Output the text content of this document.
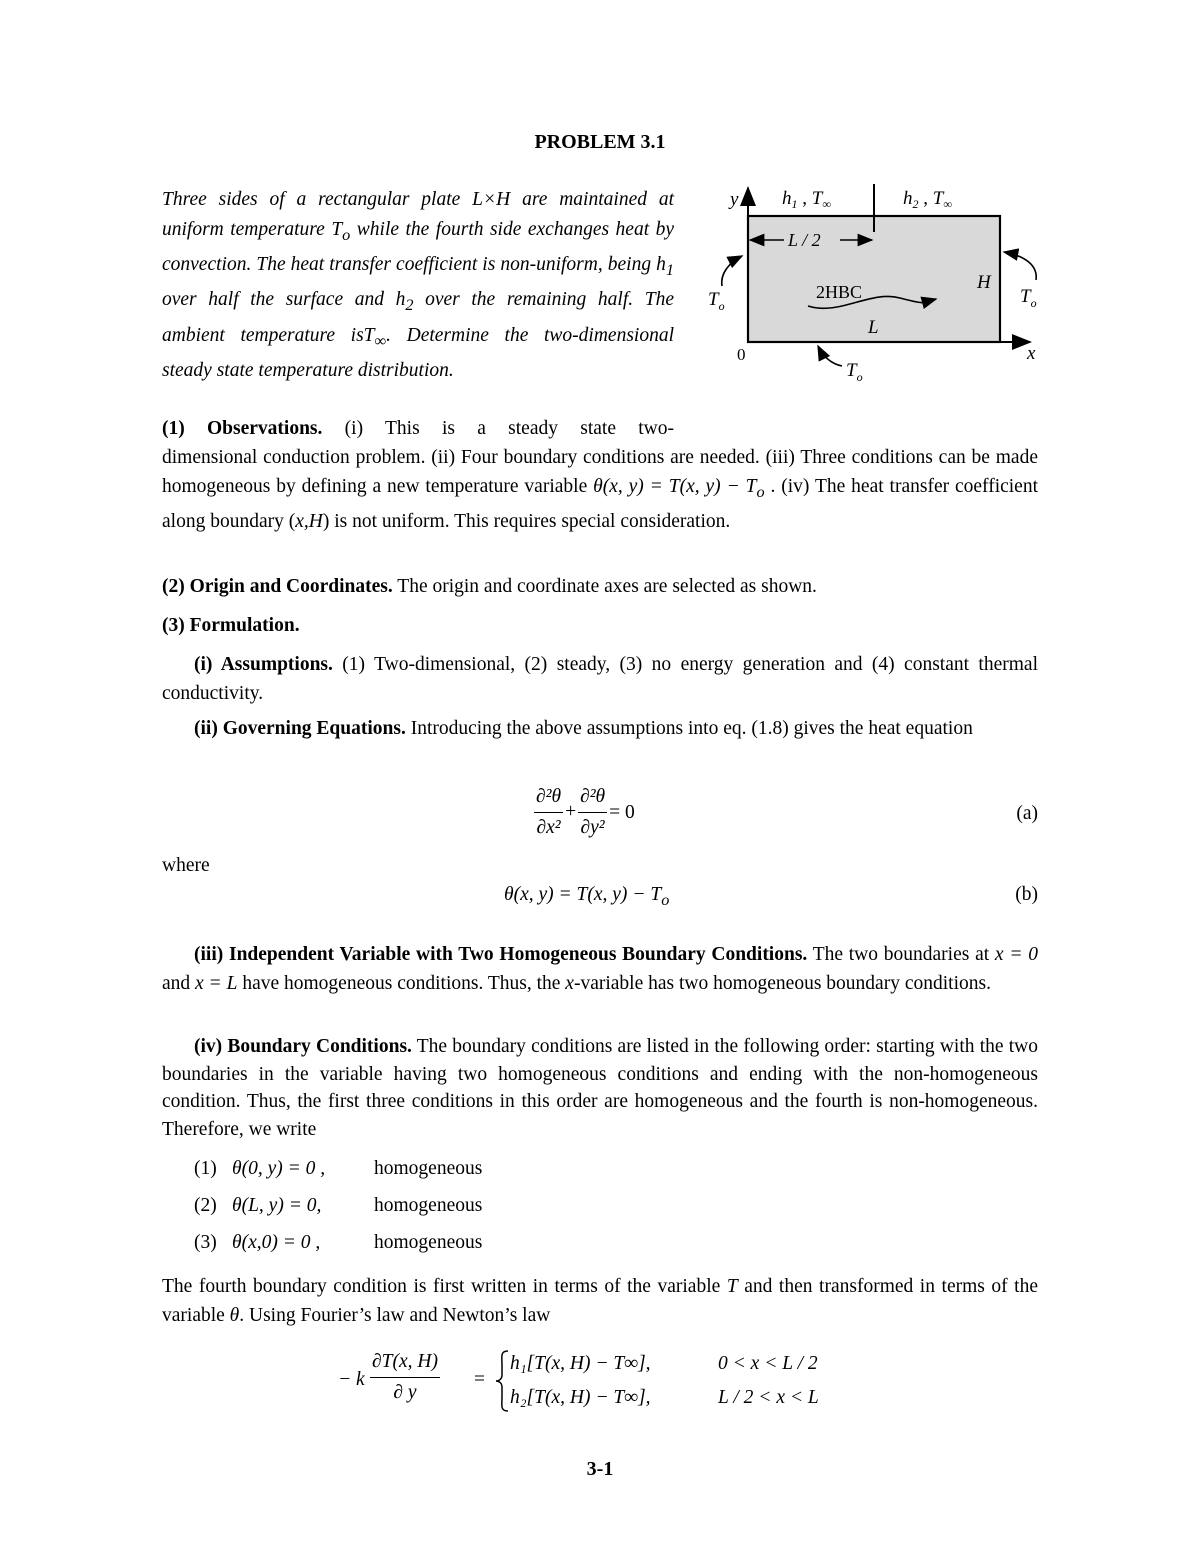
PROBLEM 3.1
Three sides of a rectangular plate L×H are maintained at uniform temperature $T_o$ while the fourth side exchanges heat by convection. The heat transfer coefficient is non-uniform, being $h_1$ over half the surface and $h_2$ over the remaining half. The ambient temperature isT$_\infty$. Determine the two-dimensional steady state temperature distribution.
y
x
0
$h_1$ , $T_\infty$	$h_2$ , $T_\infty$
L / 2
2HBC	H
L
$T_o$	$T_o$
$T_o$
(1) Observations. (i) This is a steady state two-
dimensional conduction problem. (ii) Four boundary conditions are needed. (iii) Three conditions can be made homogeneous by defining a new temperature variable θ(x, y) = T(x, $y) - T_o$ . (iv) The heat transfer coefficient along boundary (x,H) is not uniform. This requires special consideration.
(2) Origin and Coordinates. The origin and coordinate axes are selected as shown.
(3) Formulation.
(i) Assumptions. (1) Two-dimensional, (2) steady, (3) no energy generation and (4) constant thermal conductivity.
(ii) Governing Equations. Introducing the above assumptions into eq. (1.8) gives the heat equation
$\frac{\text{∂²θ}}{\text{∂x²}} + \frac{\text{∂²θ}}{\text{∂y²}} = 0$	(a)
where
θ(x, y) = T(x, $y) - T_o$	(b)
(iii) Independent Variable with Two Homogeneous Boundary Conditions. The two boundaries at x = 0 and x = L have homogeneous conditions. Thus, the x-variable has two homogeneous boundary conditions.
(iv) Boundary Conditions. The boundary conditions are listed in the following order: starting with the two boundaries in the variable having two homogeneous conditions and ending with the non-homogeneous condition. Thus, the first three conditions in this order are homogeneous and the fourth is non-homogeneous. Therefore, we write
(1) θ(0, y) = 0 ,	homogeneous
(2) θ(L, y) = 0,	homogeneous
(3) θ(x,0) = 0 ,	homogeneous
The fourth boundary condition is first written in terms of the variable T and then transformed in terms of the variable θ. Using Fourier’s law and Newton’s law
− k $\frac{\partial T(x, H)}{\partial y}$ =
h₁[T(x, H) − T∞],	0 < x < L / 2
h₂[T(x, H) − T∞],	L / 2 < x < L
3-1
